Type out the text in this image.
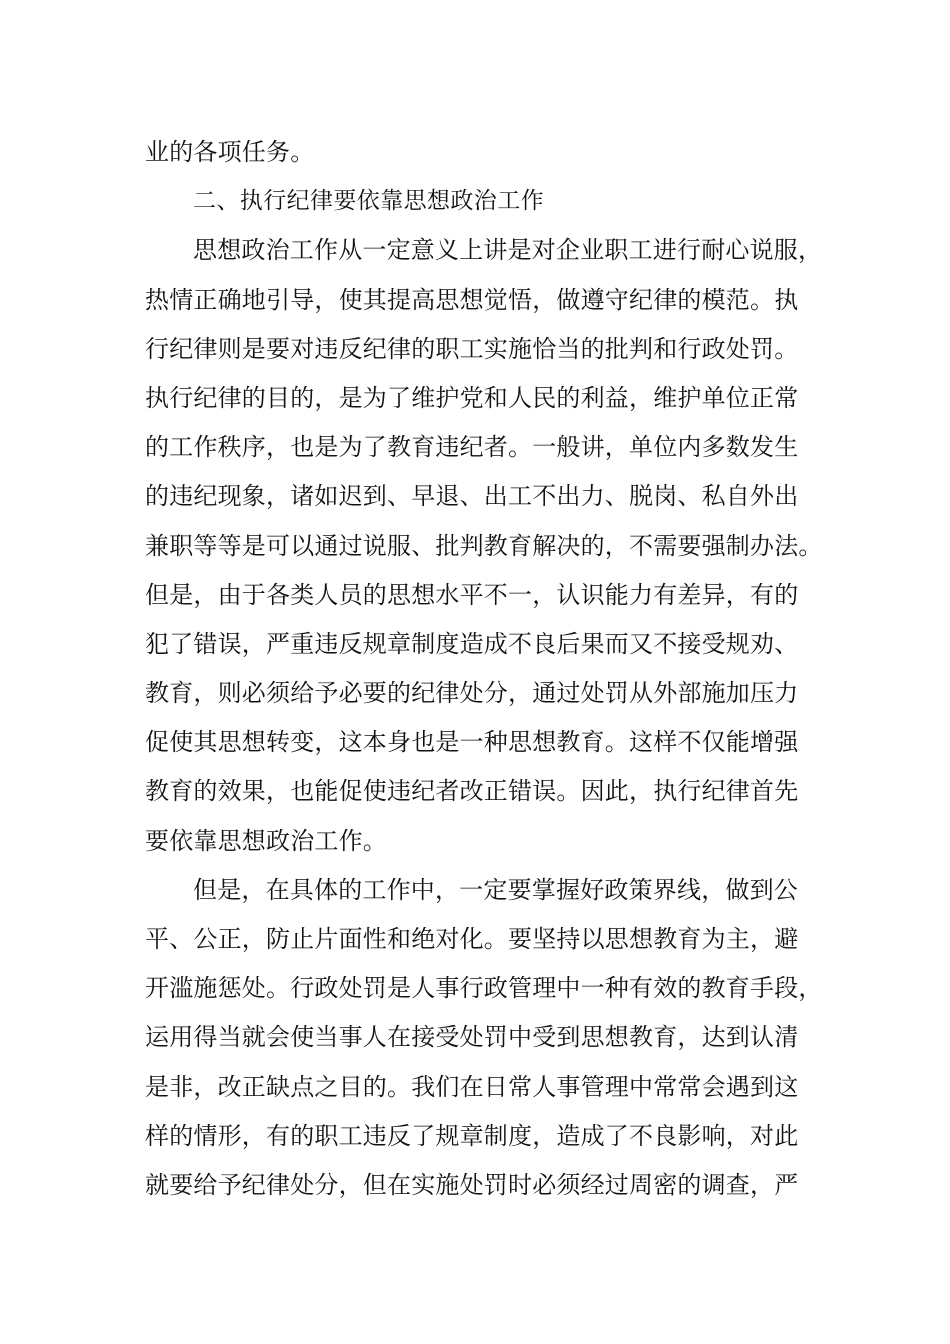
业的各项任务。
二、执行纪律要依靠思想政治工作
思想政治工作从一定意义上讲是对企业职工进行耐心说服，
热情正确地引导，使其提高思想觉悟，做遵守纪律的模范。执
行纪律则是要对违反纪律的职工实施恰当的批判和行政处罚。
执行纪律的目的，是为了维护党和人民的利益，维护单位正常
的工作秩序，也是为了教育违纪者。一般讲，单位内多数发生
的违纪现象，诸如迟到、早退、出工不出力、脱岗、私自外出
兼职等等是可以通过说服、批判教育解决的，不需要强制办法。
但是，由于各类人员的思想水平不一，认识能力有差异，有的
犯了错误，严重违反规章制度造成不良后果而又不接受规劝、
教育，则必须给予必要的纪律处分，通过处罚从外部施加压力
促使其思想转变，这本身也是一种思想教育。这样不仅能增强
教育的效果，也能促使违纪者改正错误。因此，执行纪律首先
要依靠思想政治工作。
但是，在具体的工作中，一定要掌握好政策界线，做到公
平、公正，防止片面性和绝对化。要坚持以思想教育为主，避
开滥施惩处。行政处罚是人事行政管理中一种有效的教育手段，
运用得当就会使当事人在接受处罚中受到思想教育，达到认清
是非，改正缺点之目的。我们在日常人事管理中常常会遇到这
样的情形，有的职工违反了规章制度，造成了不良影响，对此
就要给予纪律处分，但在实施处罚时必须经过周密的调查，严
